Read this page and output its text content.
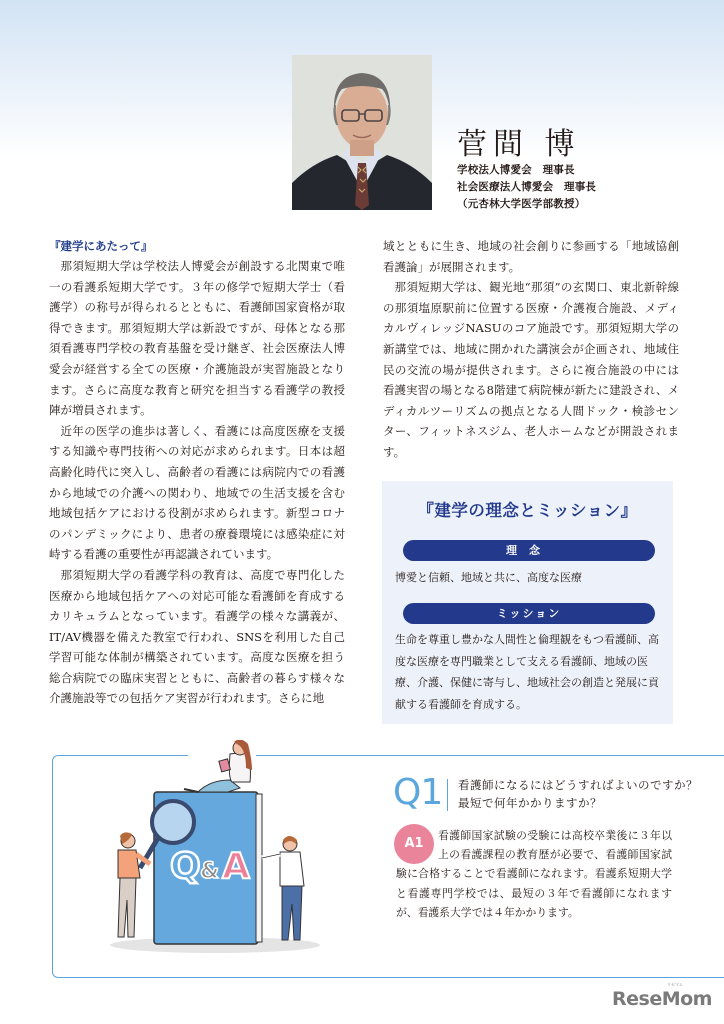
菅間 博
学校法人博愛会　理事長
社会医療法人博愛会　理事長
（元杏林大学医学部教授）
『建学にあたって』

那須短期大学は学校法人博愛会が創設する北関東で唯一の看護系短期大学です。３年の修学で短期大学士（看護学）の称号が得られるとともに、看護師国家資格が取得できます。那須短期大学は新設ですが、母体となる那須看護専門学校の教育基盤を受け継ぎ、社会医療法人博愛会が経営する全ての医療・介護施設が実習施設となります。さらに高度な教育と研究を担当する看護学の教授陣が増員されます。

近年の医学の進歩は著しく、看護には高度医療を支援する知識や専門技術への対応が求められます。日本は超高齢化時代に突入し、高齢者の看護には病院内での看護から地域での介護への関わり、地域での生活支援を含む地域包括ケアにおける役割が求められます。新型コロナのパンデミックにより、患者の療養環境には感染症に対峙する看護の重要性が再認識されています。

那須短期大学の看護学科の教育は、高度で専門化した医療から地域包括ケアへの対応可能な看護師を育成するカリキュラムとなっています。看護学の様々な講義が、IT/AV機器を備えた教室で行われ、SNSを利用した自己学習可能な体制が構築されています。高度な医療を担う総合病院での臨床実習とともに、高齢者の暮らす様々な介護施設等での包括ケア実習が行われます。さらに地

域とともに生き、地域の社会創りに参画する「地域協創看護論」が展開されます。

那須短期大学は、観光地“那須”の玄関口、東北新幹線の那須塩原駅前に位置する医療・介護複合施設、メディカルヴィレッジNASUのコア施設です。那須短期大学の新講堂では、地域に開かれた講演会が企画され、地域住民の交流の場が提供されます。さらに複合施設の中には看護実習の場となる8階建て病院棟が新たに建設され、メディカルツーリズムの拠点となる人間ドック・検診センター、フィットネスジム、老人ホームなどが開設されます。

『建学の理念とミッション』
理念
博愛と信頼、地域と共に、高度な医療
ミッション
生命を尊重し豊かな人間性と倫理観をもつ看護師、高度な医療を専門職業として支える看護師、地域の医療、介護、保健に寄与し、地域社会の創造と発展に貢献する看護師を育成する。
Q & A
Q1 看護師になるにはどうすればよいのですか？　最短で何年かかりますか？
A1
看護師国家試験の受験には高校卒業後に３年以上の看護課程の教育歴が必要で、看護師国家試験に合格することで看護師になれます。看護系短期大学と看護専門学校では、最短の３年で看護師になれますが、看護系大学では４年かかります。
ReseMom
リセマム
